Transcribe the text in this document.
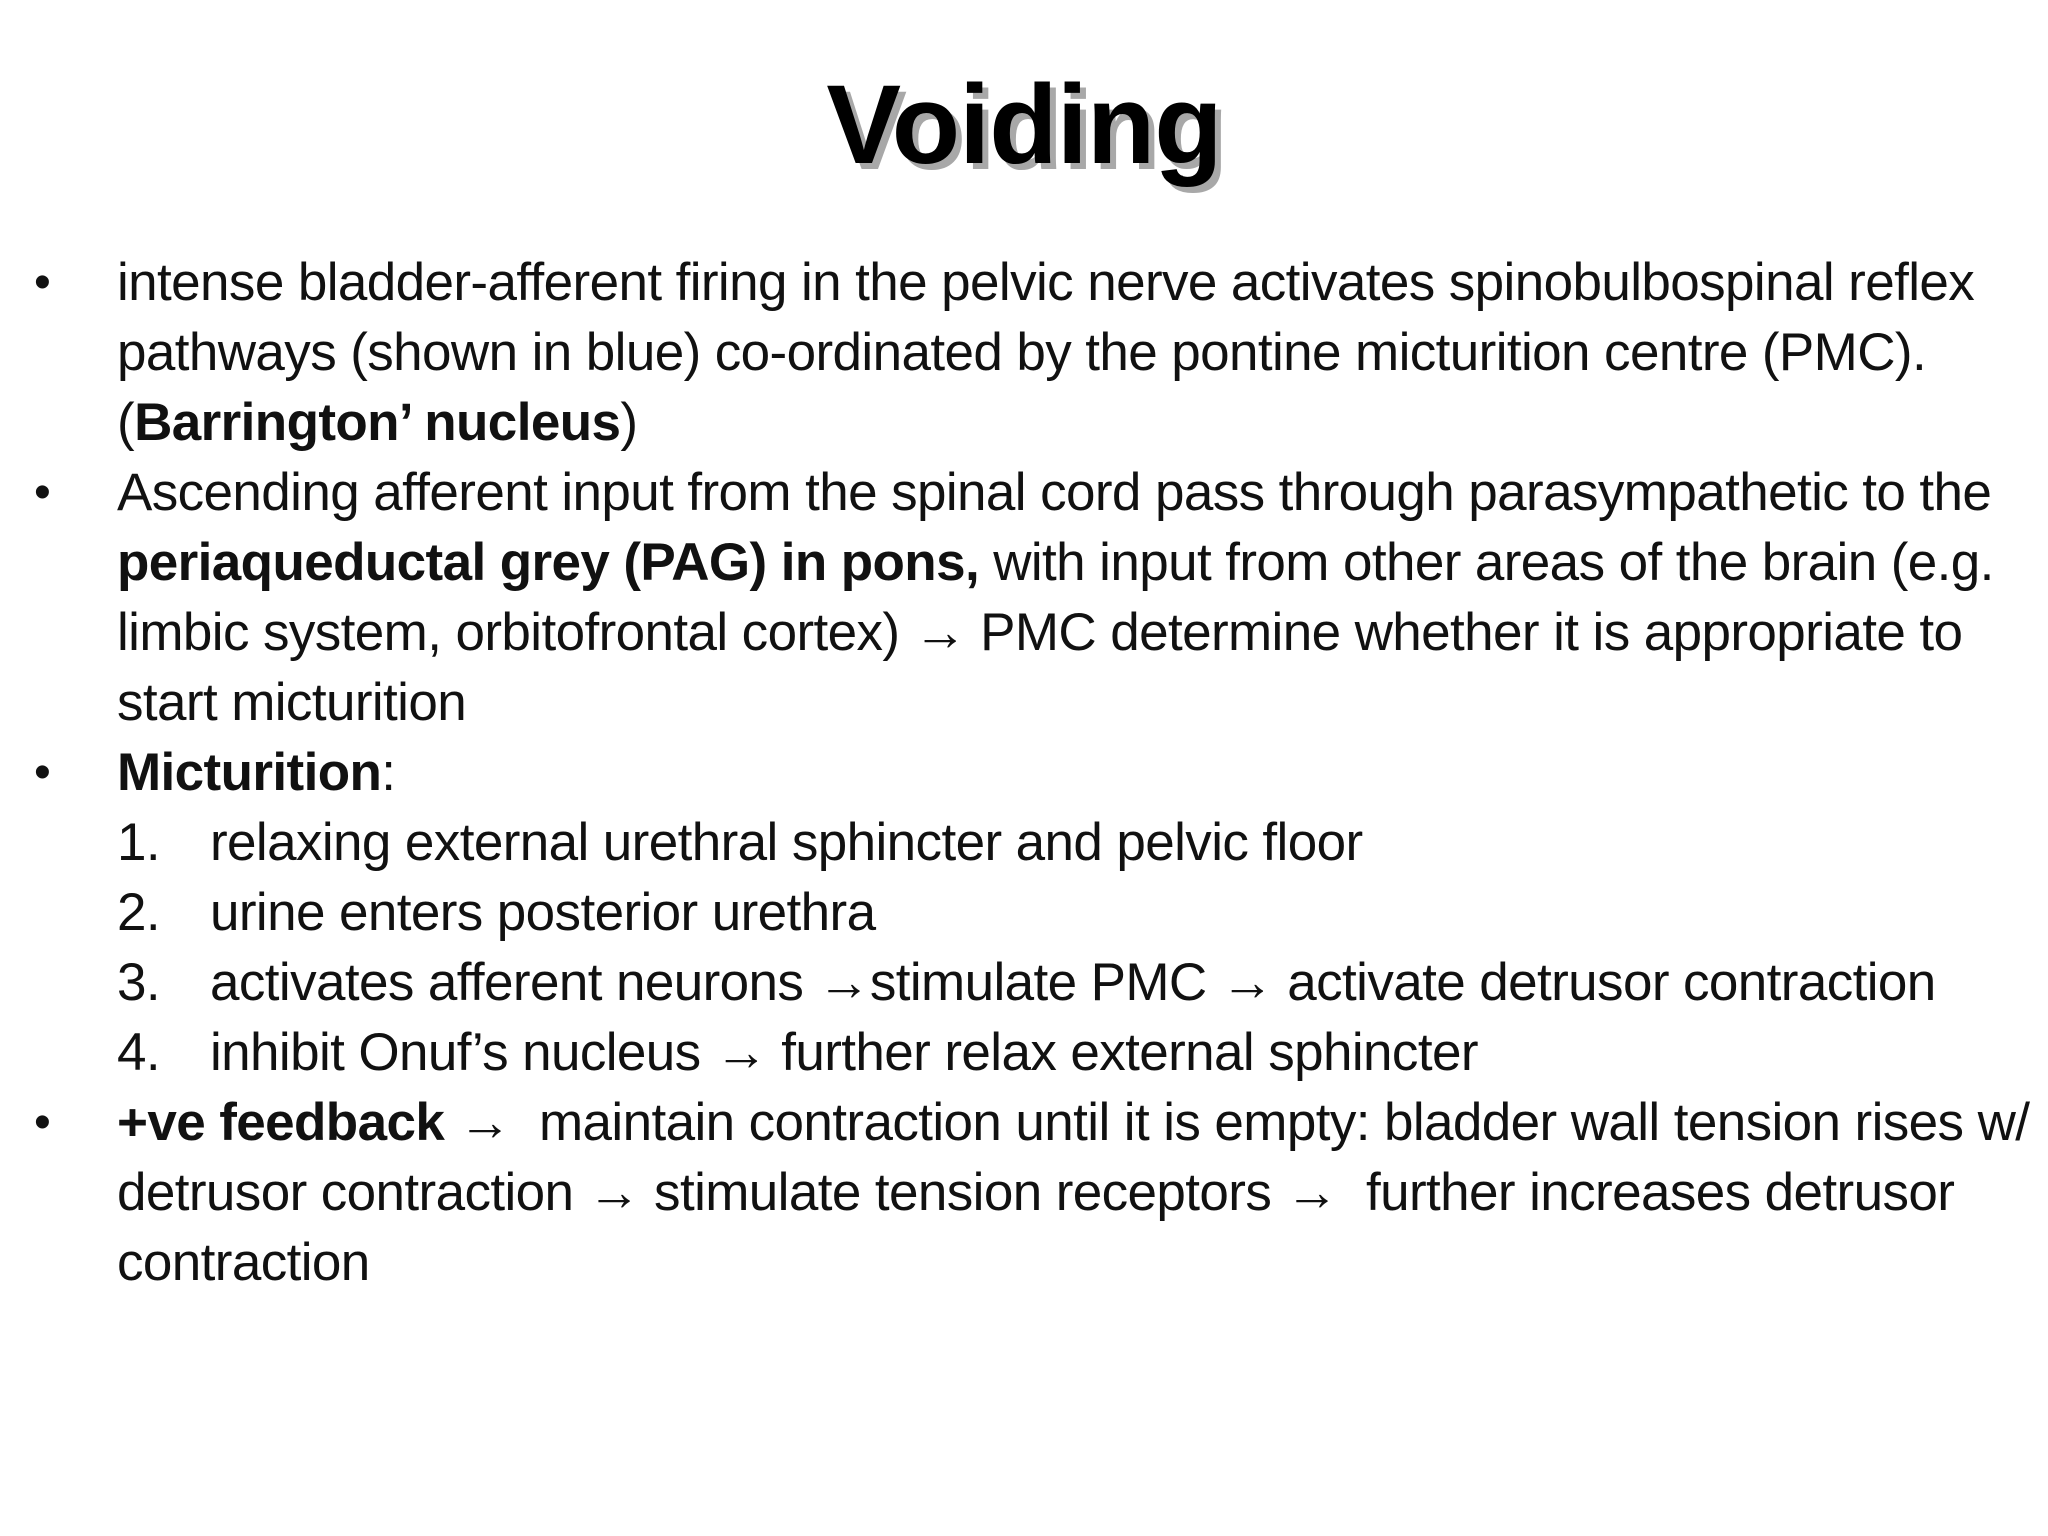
Voiding
• intense bladder-afferent firing in the pelvic nerve activates spinobulbospinal reflex pathways (shown in blue) co-ordinated by the pontine micturition centre (PMC). (Barrington’ nucleus)
• Ascending afferent input from the spinal cord pass through parasympathetic to the periaqueductal grey (PAG) in pons, with input from other areas of the brain (e.g. limbic system, orbitofrontal cortex) → PMC determine whether it is appropriate to start micturition
• Micturition:
1. relaxing external urethral sphincter and pelvic floor
2. urine enters posterior urethra
3. activates afferent neurons →stimulate PMC → activate detrusor contraction
4. inhibit Onuf’s nucleus → further relax external sphincter
• +ve feedback →  maintain contraction until it is empty: bladder wall tension rises w/ detrusor contraction → stimulate tension receptors →  further increases detrusor contraction
